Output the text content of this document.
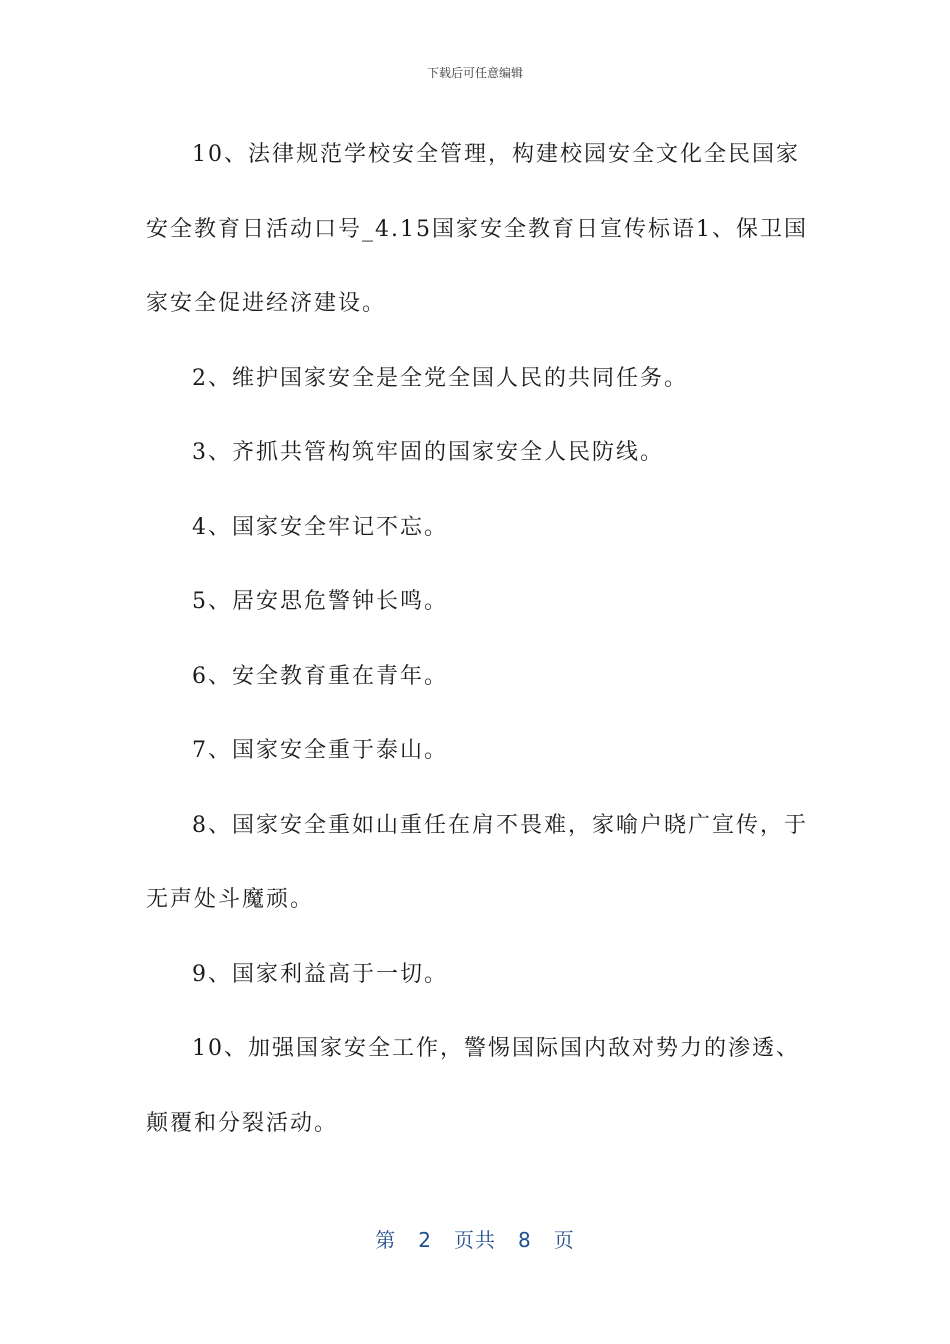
下载后可任意编辑

10、法律规范学校安全管理，构建校园安全文化全民国家安全教育日活动口号_4.15国家安全教育日宣传标语1、保卫国家安全促进经济建设。

2、维护国家安全是全党全国人民的共同任务。

3、齐抓共管构筑牢固的国家安全人民防线。

4、国家安全牢记不忘。

5、居安思危警钟长鸣。

6、安全教育重在青年。

7、国家安全重于泰山。

8、国家安全重如山重任在肩不畏难，家喻户晓广宣传，于无声处斗魔顽。

9、国家利益高于一切。

10、加强国家安全工作，警惕国际国内敌对势力的渗透、颠覆和分裂活动。

第 2 页共 8 页
